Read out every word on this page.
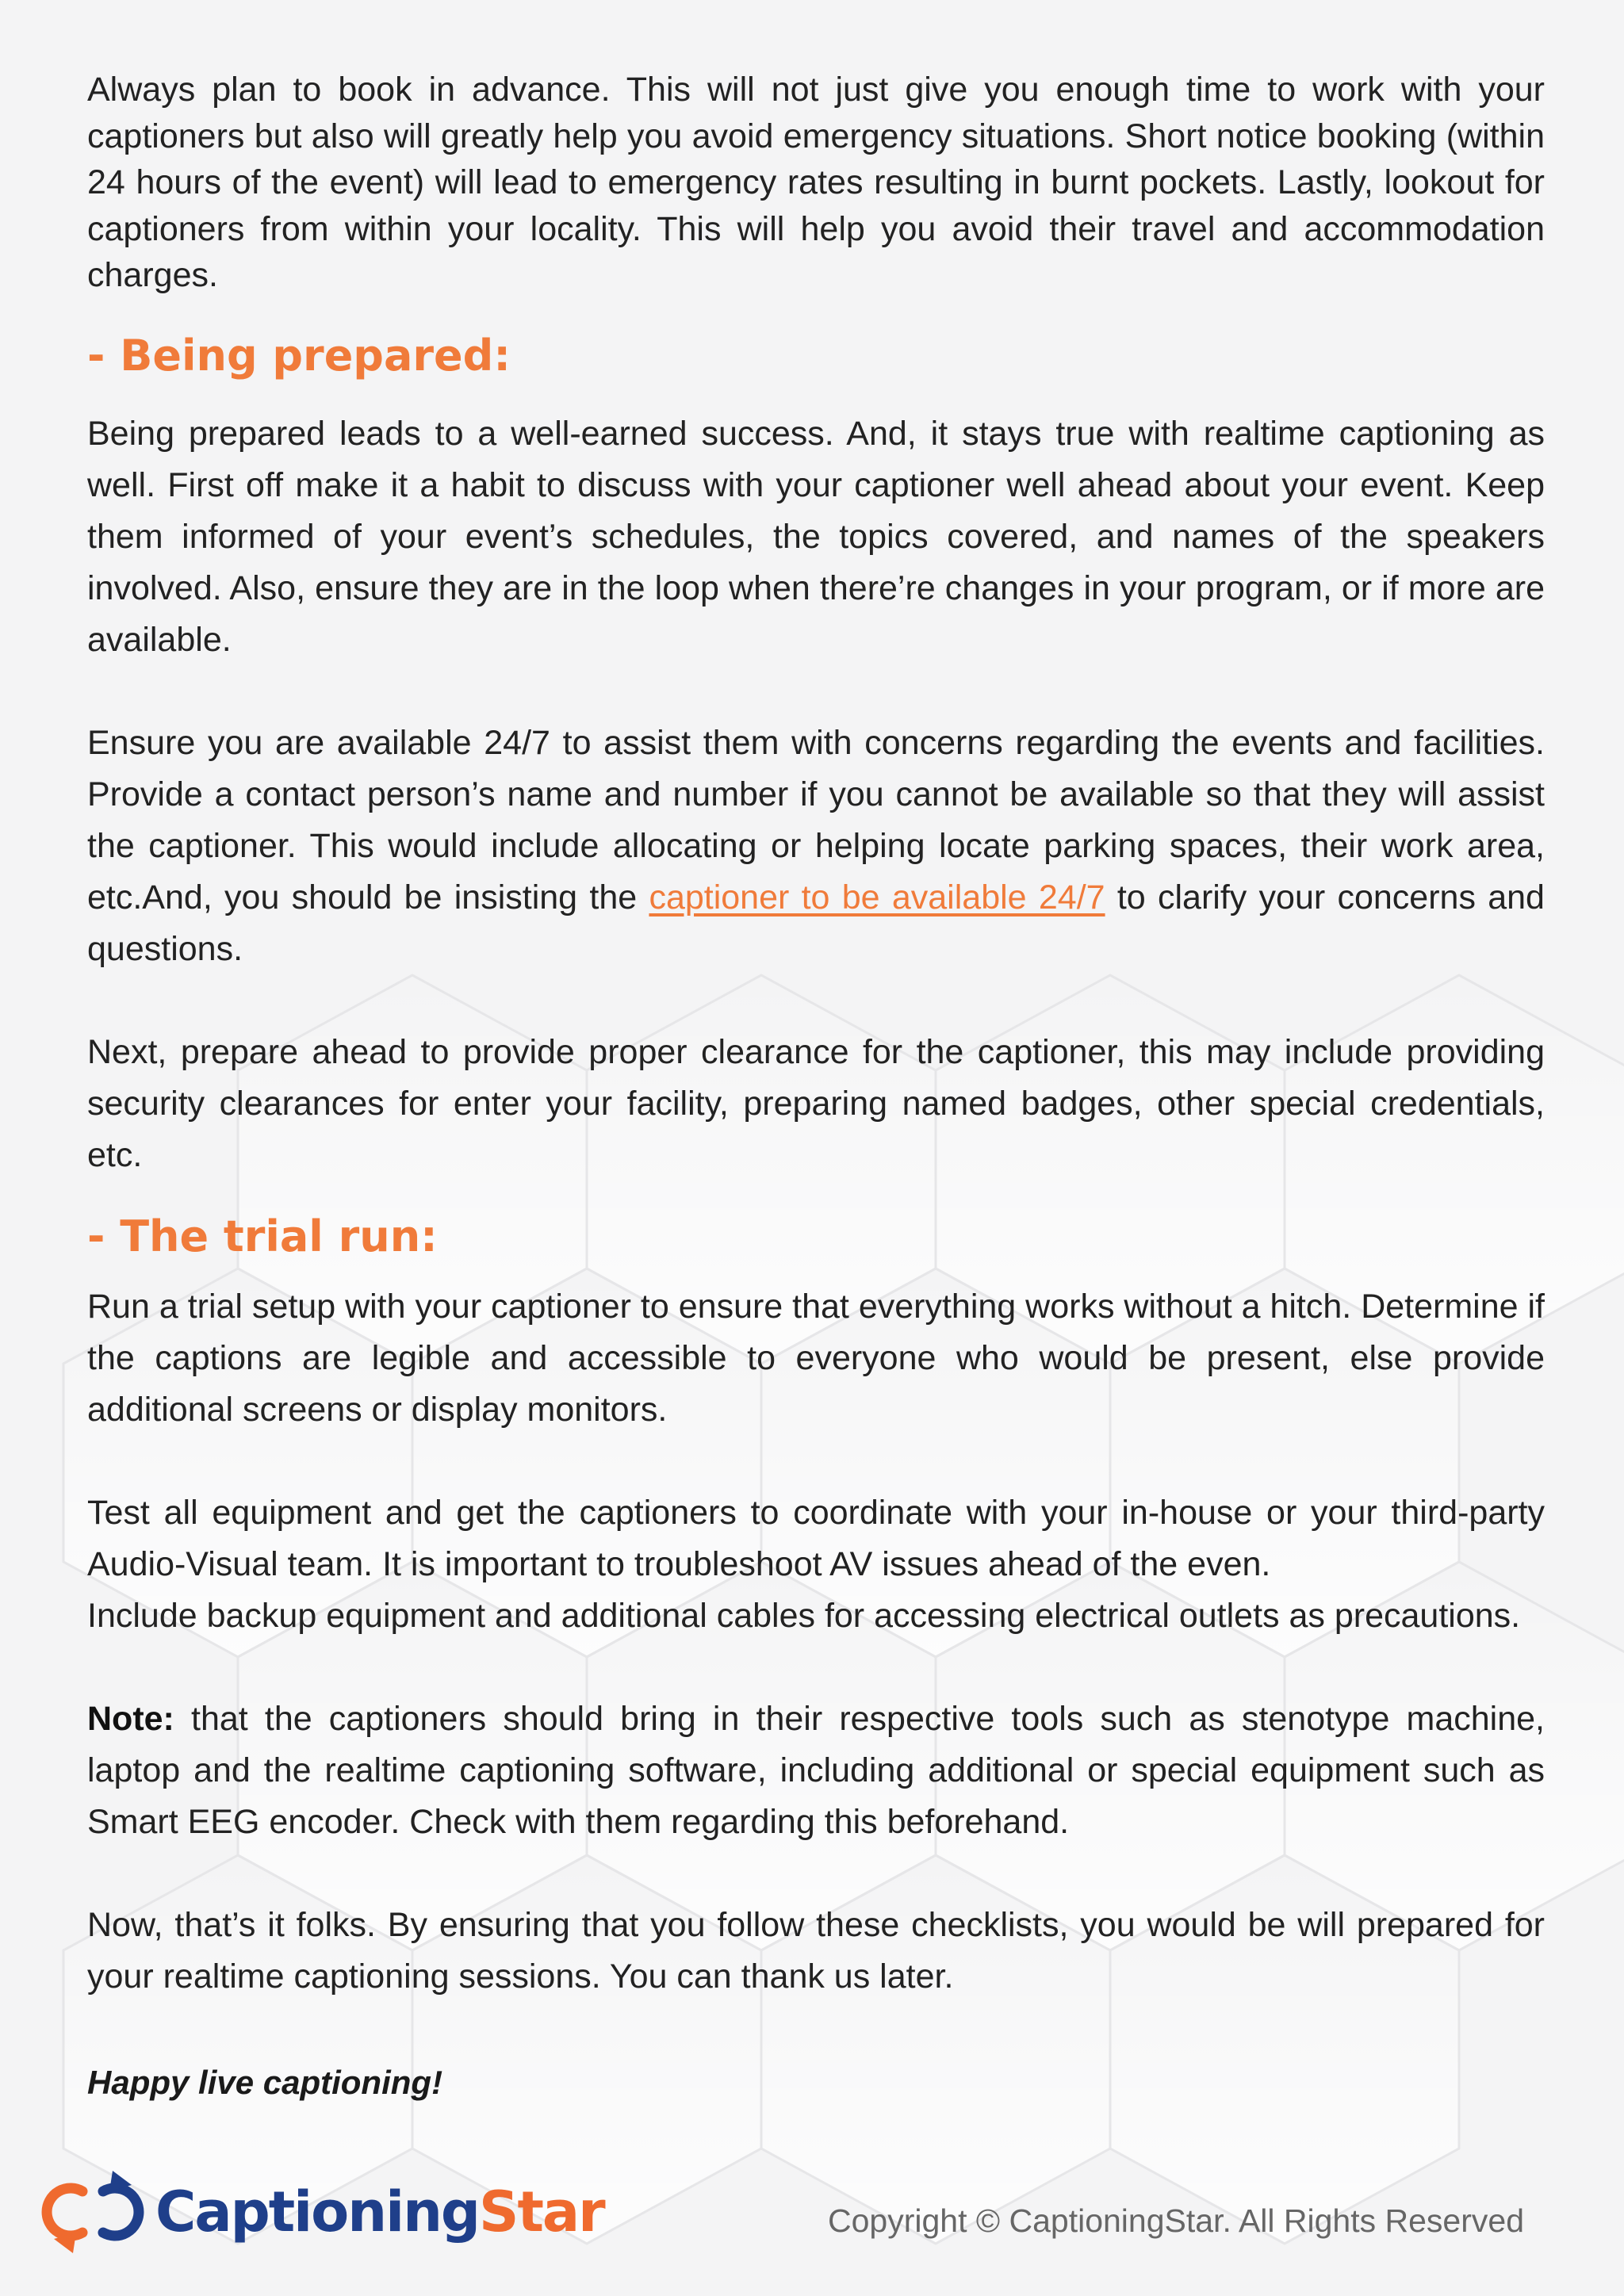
Always plan to book in advance. This will not just give you enough time to work with your captioners but also will greatly help you avoid emergency situations. Short notice booking (within 24 hours of the event) will lead to emergency rates resulting in burnt pockets. Lastly, lookout for captioners from within your locality. This will help you avoid their travel and accommodation charges.

- Being prepared:

Being prepared leads to a well-earned success. And, it stays true with realtime captioning as well. First off make it a habit to discuss with your captioner well ahead about your event. Keep them informed of your event’s schedules, the topics covered, and names of the speakers involved. Also, ensure they are in the loop when there’re changes in your program, or if more are available.

Ensure you are available 24/7 to assist them with concerns regarding the events and facilities. Provide a contact person’s name and number if you cannot be available so that they will assist the captioner. This would include allocating or helping locate parking spaces, their work area, etc.And, you should be insisting the captioner to be available 24/7 to clarify your concerns and questions.

Next, prepare ahead to provide proper clearance for the captioner, this may include providing security clearances for enter your facility, preparing named badges, other special credentials, etc.

- The trial run:

Run a trial setup with your captioner to ensure that everything works without a hitch. Determine if the captions are legible and accessible to everyone who would be present, else provide additional screens or display monitors.

Test all equipment and get the captioners to coordinate with your in-house or your third-party Audio-Visual team. It is important to troubleshoot AV issues ahead of the even.

Include backup equipment and additional cables for accessing electrical outlets as precautions.

Note: that the captioners should bring in their respective tools such as stenotype machine, laptop and the realtime captioning software, including additional or special equipment such as Smart EEG encoder. Check with them regarding this beforehand.

Now, that’s it folks. By ensuring that you follow these checklists, you would be will prepared for your realtime captioning sessions. You can thank us later.

Happy live captioning!

CaptioningStar	Copyright © CaptioningStar. All Rights Reserved
